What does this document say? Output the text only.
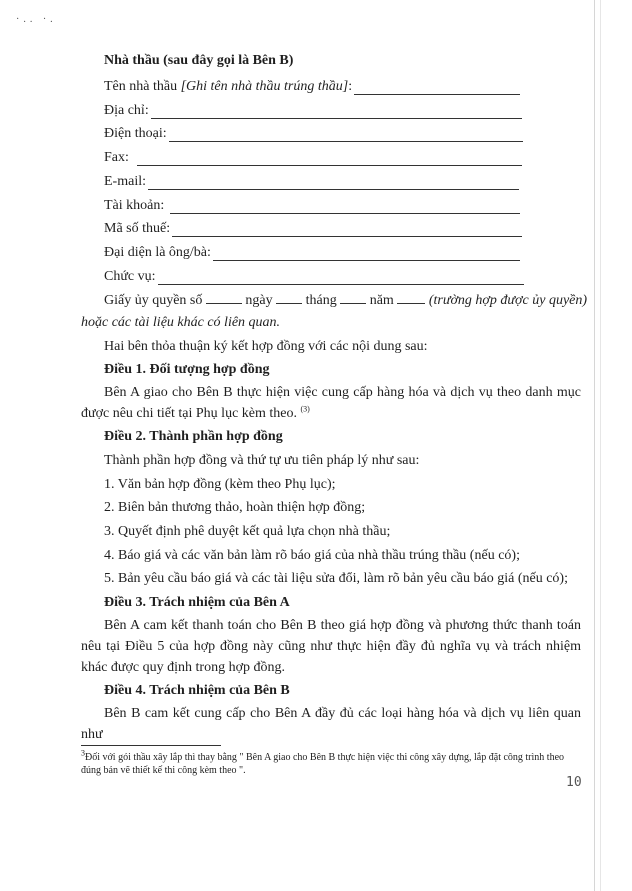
·.. ·.
Nhà thầu (sau đây gọi là Bên B)
Tên nhà thầu [Ghi tên nhà thầu trúng thầu]:
Địa chỉ:
Điện thoại:
Fax:
E-mail:
Tài khoản:
Mã số thuế:
Đại diện là ông/bà:
Chức vụ:
Giấy ủy quyền số	ngày tháng năm	(trường hợp được ủy quyền)
hoặc các tài liệu khác có liên quan.
Hai bên thỏa thuận ký kết hợp đồng với các nội dung sau:
Điều 1. Đối tượng hợp đồng
Bên A giao cho Bên B thực hiện việc cung cấp hàng hóa và dịch vụ theo danh mục được nêu chi tiết tại Phụ lục kèm theo. $^{(3)}$
Điều 2. Thành phần hợp đồng
Thành phần hợp đồng và thứ tự ưu tiên pháp lý như sau:
1. Văn bản hợp đồng (kèm theo Phụ lục);
2. Biên bản thương thảo, hoàn thiện hợp đồng;
3. Quyết định phê duyệt kết quả lựa chọn nhà thầu;
4. Báo giá và các văn bản làm rõ báo giá của nhà thầu trúng thầu (nếu có);
5. Bản yêu cầu báo giá và các tài liệu sửa đổi, làm rõ bản yêu cầu báo giá (nếu có);
Điều 3. Trách nhiệm của Bên A
Bên A cam kết thanh toán cho Bên B theo giá hợp đồng và phương thức thanh toán nêu tại Điều 5 của hợp đồng này cũng như thực hiện đầy đủ nghĩa vụ và trách nhiệm khác được quy định trong hợp đồng.
Điều 4. Trách nhiệm của Bên B
Bên B cam kết cung cấp cho Bên A đầy đủ các loại hàng hóa và dịch vụ liên quan như
$^3$Đối với gói thầu xây lắp thì thay bằng " Bên A giao cho Bên B thực hiện việc thi công xây dựng, lắp đặt công trình theo đúng bản vẽ thiết kế thi công kèm theo ".
10
